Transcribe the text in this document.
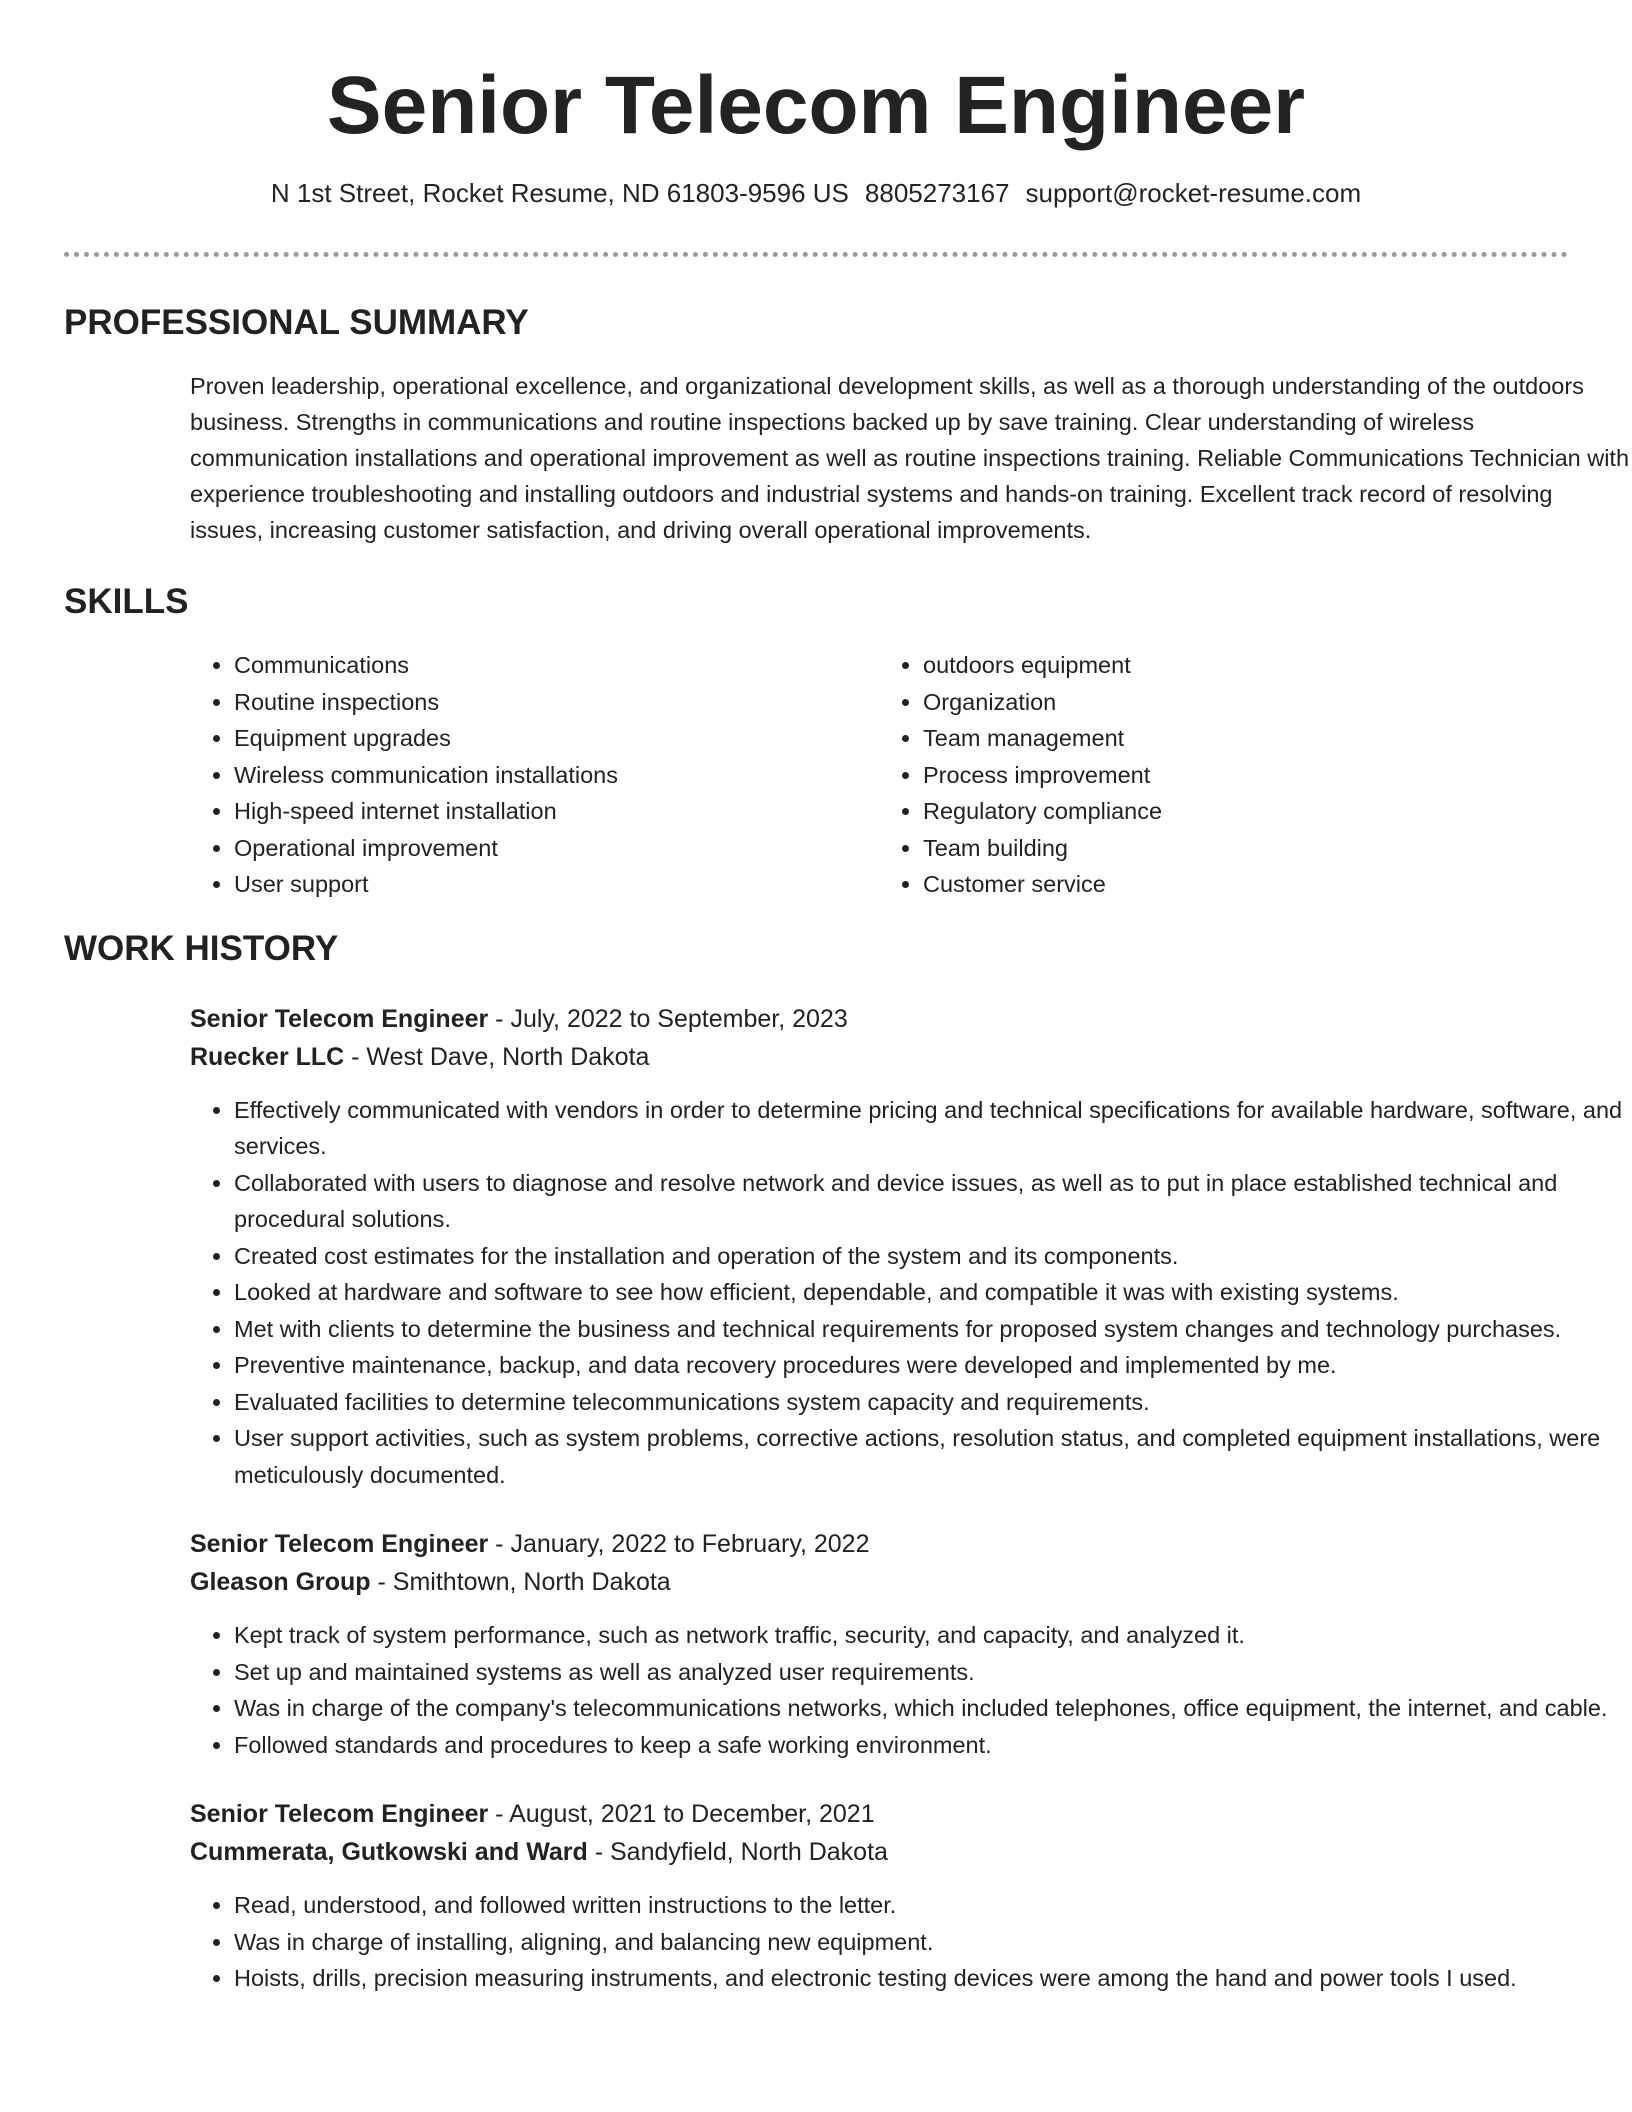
Senior Telecom Engineer
N 1st Street, Rocket Resume, ND 61803-9596 US 8805273167 support@rocket-resume.com
PROFESSIONAL SUMMARY

Proven leadership, operational excellence, and organizational development skills, as well as a thorough understanding of the outdoors business. Strengths in communications and routine inspections backed up by save training. Clear understanding of wireless communication installations and operational improvement as well as routine inspections training. Reliable Communications Technician with experience troubleshooting and installing outdoors and industrial systems and hands-on training. Excellent track record of resolving issues, increasing customer satisfaction, and driving overall operational improvements.

SKILLS
• Communications
• Routine inspections
• Equipment upgrades
• Wireless communication installations
• High-speed internet installation
• Operational improvement
• User support
• outdoors equipment
• Organization
• Team management
• Process improvement
• Regulatory compliance
• Team building
• Customer service
WORK HISTORY
Senior Telecom Engineer - July, 2022 to September, 2023
Ruecker LLC - West Dave, North Dakota
• Effectively communicated with vendors in order to determine pricing and technical specifications for available hardware, software, and services.
• Collaborated with users to diagnose and resolve network and device issues, as well as to put in place established technical and procedural solutions.
• Created cost estimates for the installation and operation of the system and its components.
• Looked at hardware and software to see how efficient, dependable, and compatible it was with existing systems.
• Met with clients to determine the business and technical requirements for proposed system changes and technology purchases.
• Preventive maintenance, backup, and data recovery procedures were developed and implemented by me.
• Evaluated facilities to determine telecommunications system capacity and requirements.
• User support activities, such as system problems, corrective actions, resolution status, and completed equipment installations, were meticulously documented.
Senior Telecom Engineer - January, 2022 to February, 2022
Gleason Group - Smithtown, North Dakota
• Kept track of system performance, such as network traffic, security, and capacity, and analyzed it.
• Set up and maintained systems as well as analyzed user requirements.
• Was in charge of the company's telecommunications networks, which included telephones, office equipment, the internet, and cable.
• Followed standards and procedures to keep a safe working environment.
Senior Telecom Engineer - August, 2021 to December, 2021
Cummerata, Gutkowski and Ward - Sandyfield, North Dakota
• Read, understood, and followed written instructions to the letter.
• Was in charge of installing, aligning, and balancing new equipment.
• Hoists, drills, precision measuring instruments, and electronic testing devices were among the hand and power tools I used.
